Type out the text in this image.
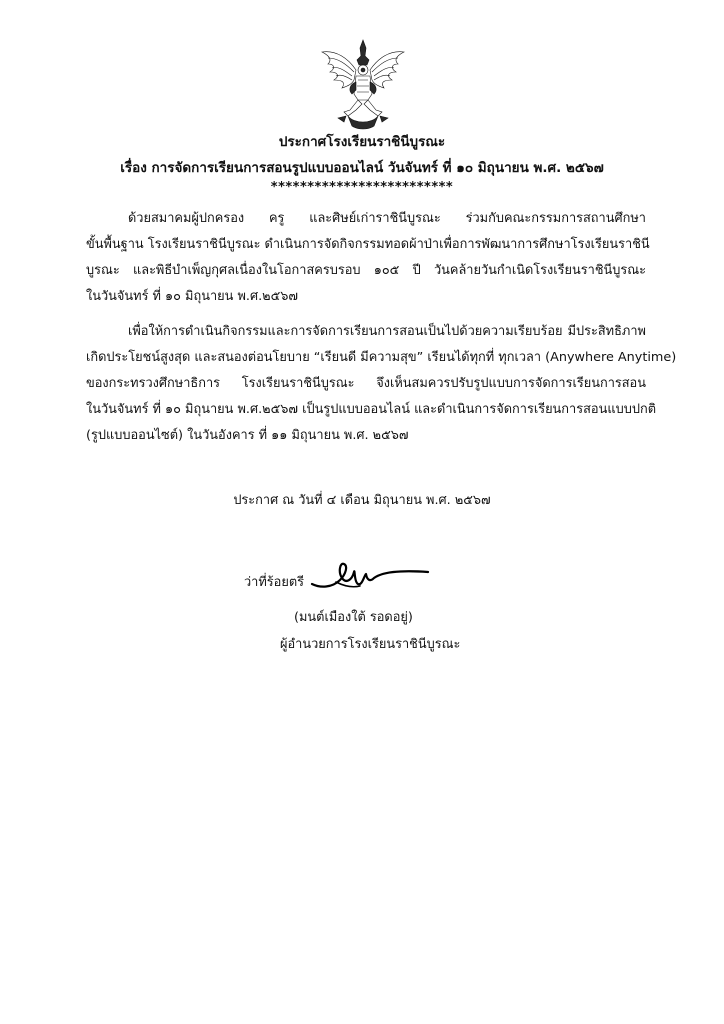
ประกาศโรงเรียนราชินีบูรณะ
เรื่อง การจัดการเรียนการสอนรูปแบบออนไลน์ วันจันทร์ ที่ ๑๐ มิถุนายน พ.ศ. ๒๕๖๗
*************************
ด้วยสมาคมผู้ปกครอง ครู และศิษย์เก่าราชินีบูรณะ ร่วมกับคณะกรรมการสถานศึกษา
ขั้นพื้นฐาน โรงเรียนราชินีบูรณะ ดำเนินการจัดกิจกรรมทอดผ้าป่าเพื่อการพัฒนาการศึกษาโรงเรียนราชินี
บูรณะ และพิธีบำเพ็ญกุศลเนื่องในโอกาสครบรอบ ๑๐๕ ปี วันคล้ายวันกำเนิดโรงเรียนราชินีบูรณะ
ในวันจันทร์ ที่ ๑๐ มิถุนายน พ.ศ.๒๕๖๗
เพื่อให้การดำเนินกิจกรรมและการจัดการเรียนการสอนเป็นไปด้วยความเรียบร้อย มีประสิทธิภาพ
เกิดประโยชน์สูงสุด และสนองต่อนโยบาย “เรียนดี มีความสุข” เรียนได้ทุกที่ ทุกเวลา (Anywhere Anytime)
ของกระทรวงศึกษาธิการ โรงเรียนราชินีบูรณะ จึงเห็นสมควรปรับรูปแบบการจัดการเรียนการสอน
ในวันจันทร์ ที่ ๑๐ มิถุนายน พ.ศ.๒๕๖๗ เป็นรูปแบบออนไลน์ และดำเนินการจัดการเรียนการสอนแบบปกติ
(รูปแบบออนไซต์) ในวันอังคาร ที่ ๑๑ มิถุนายน พ.ศ. ๒๕๖๗
ประกาศ ณ วันที่ ๔ เดือน มิถุนายน พ.ศ. ๒๕๖๗
ว่าที่ร้อยตรี
(มนต์เมืองใต้ รอดอยู่)
ผู้อำนวยการโรงเรียนราชินีบูรณะ
